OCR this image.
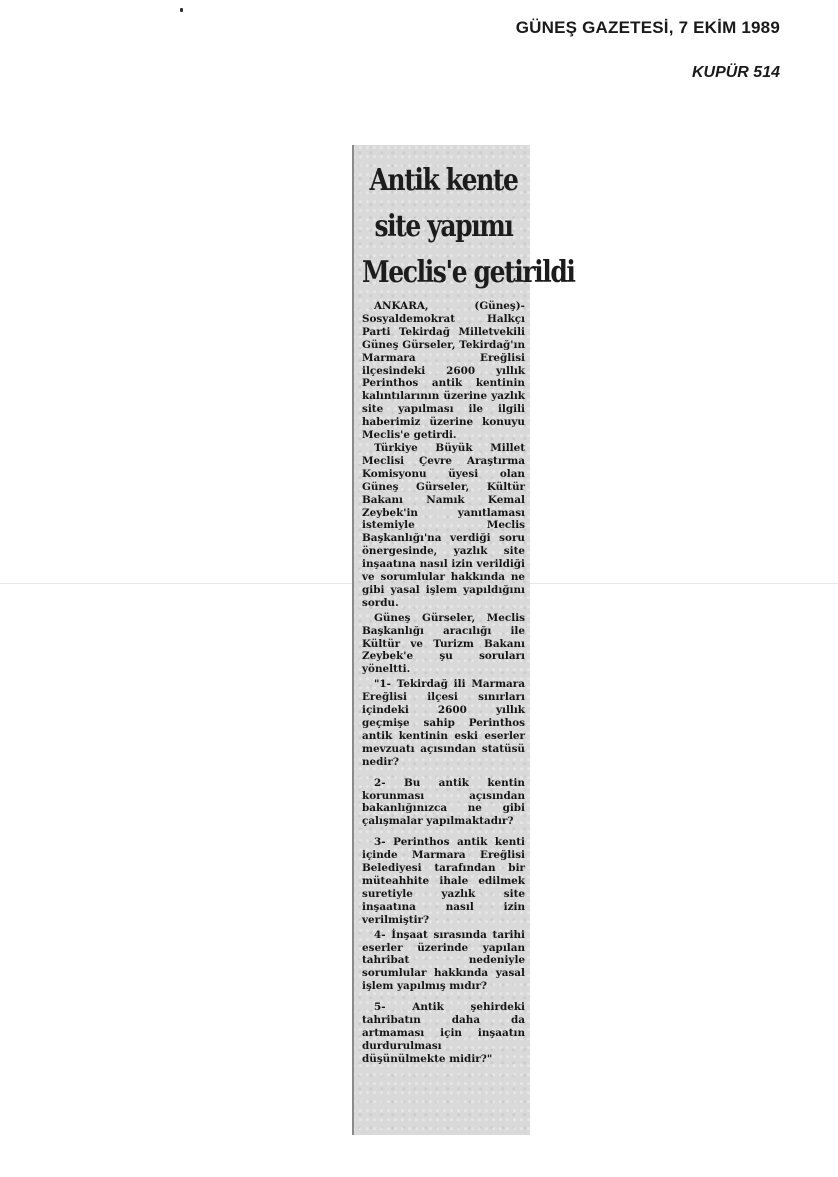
GÜNEŞ GAZETESİ, 7 EKİM 1989
KUPÜR 514
Antik kente
site yapımı
Meclis'e getirildi

ANKARA, (Güneş)- Sosyaldemokrat Halkçı Parti Tekirdağ Milletvekili Güneş Gürseler, Tekirdağ'ın Marmara Ereğlisi ilçesindeki 2600 yıllık Perinthos antik kentinin kalıntılarının üzerine yazlık site yapılması ile ilgili haberimiz üzerine konuyu Meclis'e getirdi.

Türkiye Büyük Millet Meclisi Çevre Araştırma Komisyonu üyesi olan Güneş Gürseler, Kültür Bakanı Namık Kemal Zeybek'in yanıtlaması istemiyle Meclis Başkanlığı'na verdiği soru önergesinde, yazlık site inşaatına nasıl izin verildiği ve sorumlular hakkında ne gibi yasal işlem yapıldığını sordu.

Güneş Gürseler, Meclis Başkanlığı aracılığı ile Kültür ve Turizm Bakanı Zeybek'e şu soruları yöneltti.

"1- Tekirdağ ili Marmara Ereğlisi ilçesi sınırları içindeki 2600 yıllık geçmişe sahip Perinthos antik kentinin eski eserler mevzuatı açısından statüsü nedir?

2- Bu antik kentin korunması açısından bakanlığınızca ne gibi çalışmalar yapılmaktadır?

3- Perinthos antik kenti içinde Marmara Ereğlisi Belediyesi tarafından bir müteahhite ihale edilmek suretiyle yazlık site inşaatına nasıl izin verilmiştir?

4- İnşaat sırasında tarihi eserler üzerinde yapılan tahribat nedeniyle sorumlular hakkında yasal işlem yapılmış mıdır?

5- Antik şehirdeki tahribatın daha da artmaması için inşaatın durdurulması düşünülmekte midir?"
